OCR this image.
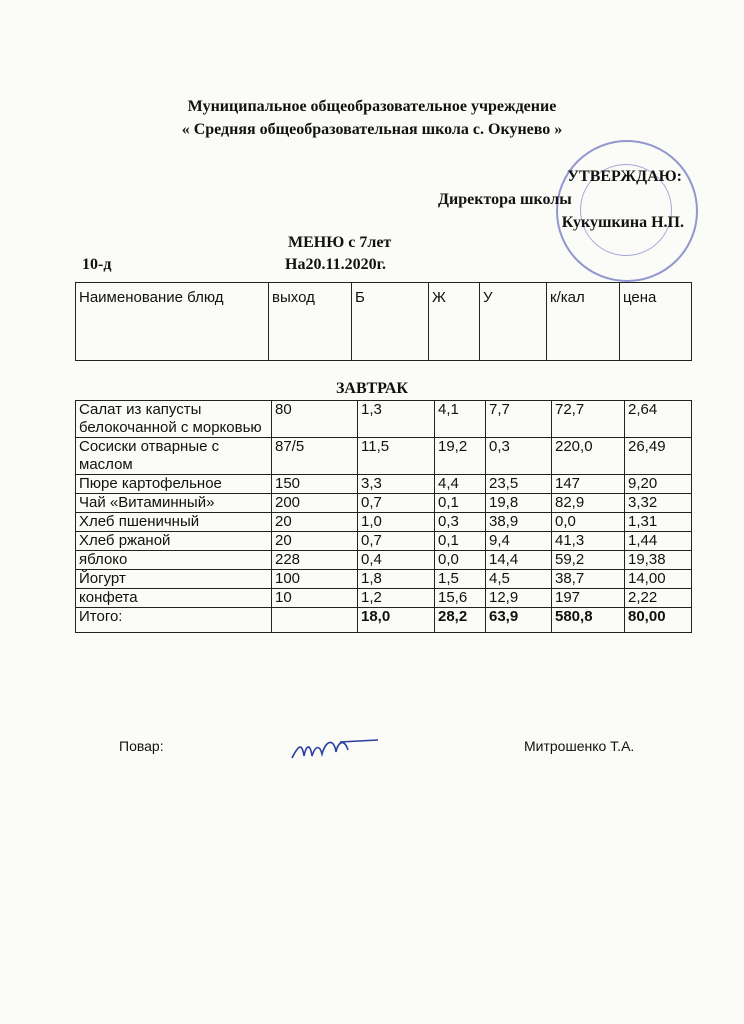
Муниципальное общеобразовательное учреждение
« Средняя общеобразовательная школа с. Окунево »
УТВЕРЖДАЮ:
Директора школы
Кукушкина Н.П.
МЕНЮ с 7лет
10-д	На20.11.2020г.
Наименование блюд	выход	Б	Ж	У	к/кал	цена
ЗАВТРАК
Салат из капусты белокочанной с морковью	80	1,3	4,1	7,7	72,7	2,64
Сосиски отварные с маслом	87/5	11,5	19,2	0,3	220,0	26,49
Пюре картофельное	150	3,3	4,4	23,5	147	9,20
Чай «Витаминный»	200	0,7	0,1	19,8	82,9	3,32
Хлеб пшеничный	20	1,0	0,3	38,9	0,0	1,31
Хлеб ржаной	20	0,7	0,1	9,4	41,3	1,44
яблоко	228	0,4	0,0	14,4	59,2	19,38
Йогурт	100	1,8	1,5	4,5	38,7	14,00
конфета	10	1,2	15,6	12,9	197	2,22
Итого:		18,0	28,2	63,9	580,8	80,00
Повар:	Митрошенко Т.А.
